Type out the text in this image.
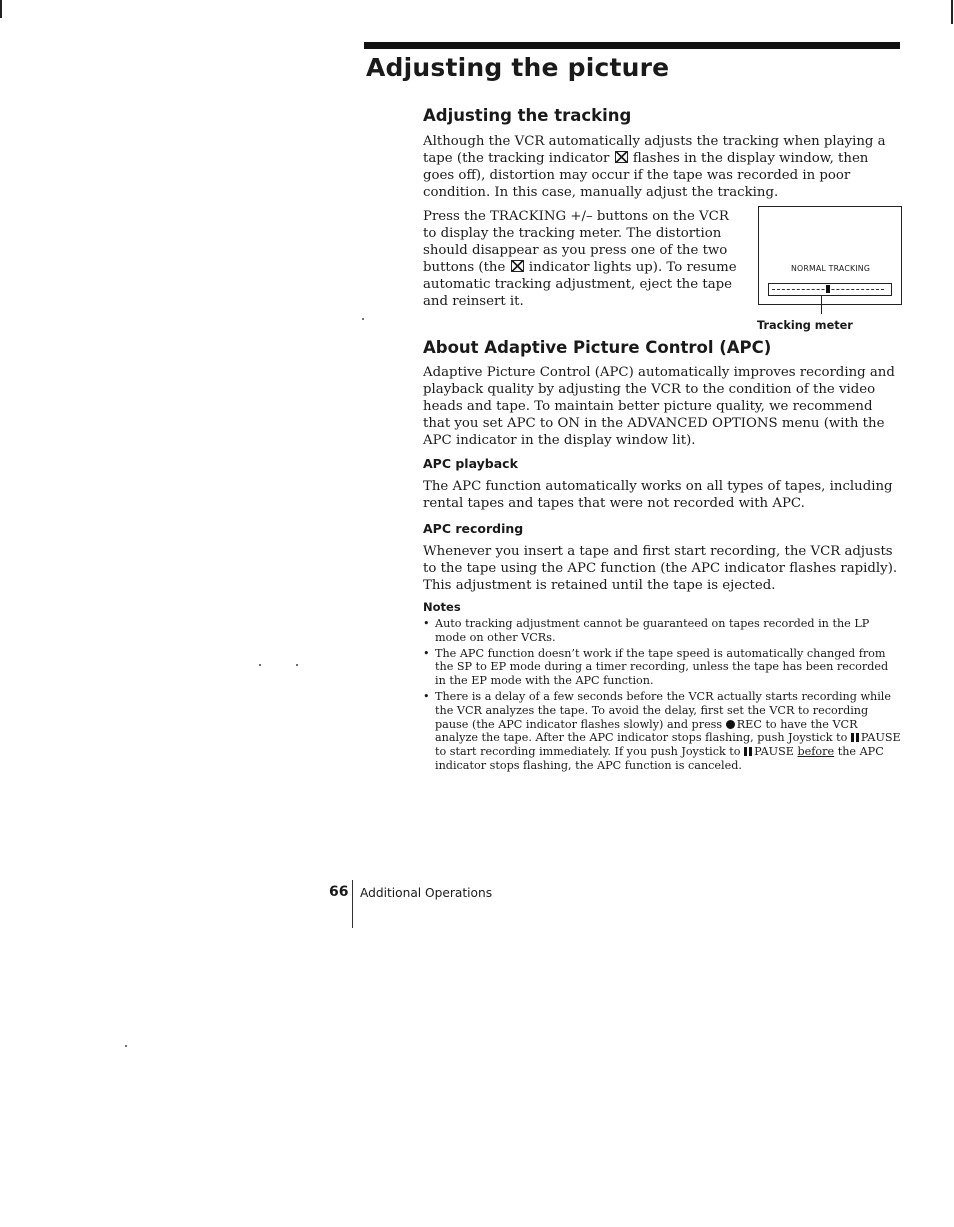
Adjusting the picture
Adjusting the tracking

Although the VCR automatically adjusts the tracking when playing a tape (the tracking indicator flashes in the display window, then goes off), distortion may occur if the tape was recorded in poor condition. In this case, manually adjust the tracking.

Press the TRACKING +/– buttons on the VCR to display the tracking meter. The distortion should disappear as you press one of the two buttons (the indicator lights up). To resume automatic tracking adjustment, eject the tape and reinsert it.

NORMAL TRACKING
Tracking meter
About Adaptive Picture Control (APC)

Adaptive Picture Control (APC) automatically improves recording and playback quality by adjusting the VCR to the condition of the video heads and tape. To maintain better picture quality, we recommend that you set APC to ON in the ADVANCED OPTIONS menu (with the APC indicator in the display window lit).

APC playback

The APC function automatically works on all types of tapes, including rental tapes and tapes that were not recorded with APC.

APC recording

Whenever you insert a tape and first start recording, the VCR adjusts to the tape using the APC function (the APC indicator flashes rapidly). This adjustment is retained until the tape is ejected.

Notes
• Auto tracking adjustment cannot be guaranteed on tapes recorded in the LP mode on other VCRs.
• The APC function doesn’t work if the tape speed is automatically changed from the SP to EP mode during a timer recording, unless the tape has been recorded in the EP mode with the APC function.
• There is a delay of a few seconds before the VCR actually starts recording while the VCR analyzes the tape. To avoid the delay, first set the VCR to recording pause (the APC indicator flashes slowly) and press REC to have the VCR analyze the tape. After the APC indicator stops flashing, push Joystick to PAUSE to start recording immediately. If you push Joystick to PAUSE before the APC indicator stops flashing, the APC function is canceled.
66 Additional Operations
